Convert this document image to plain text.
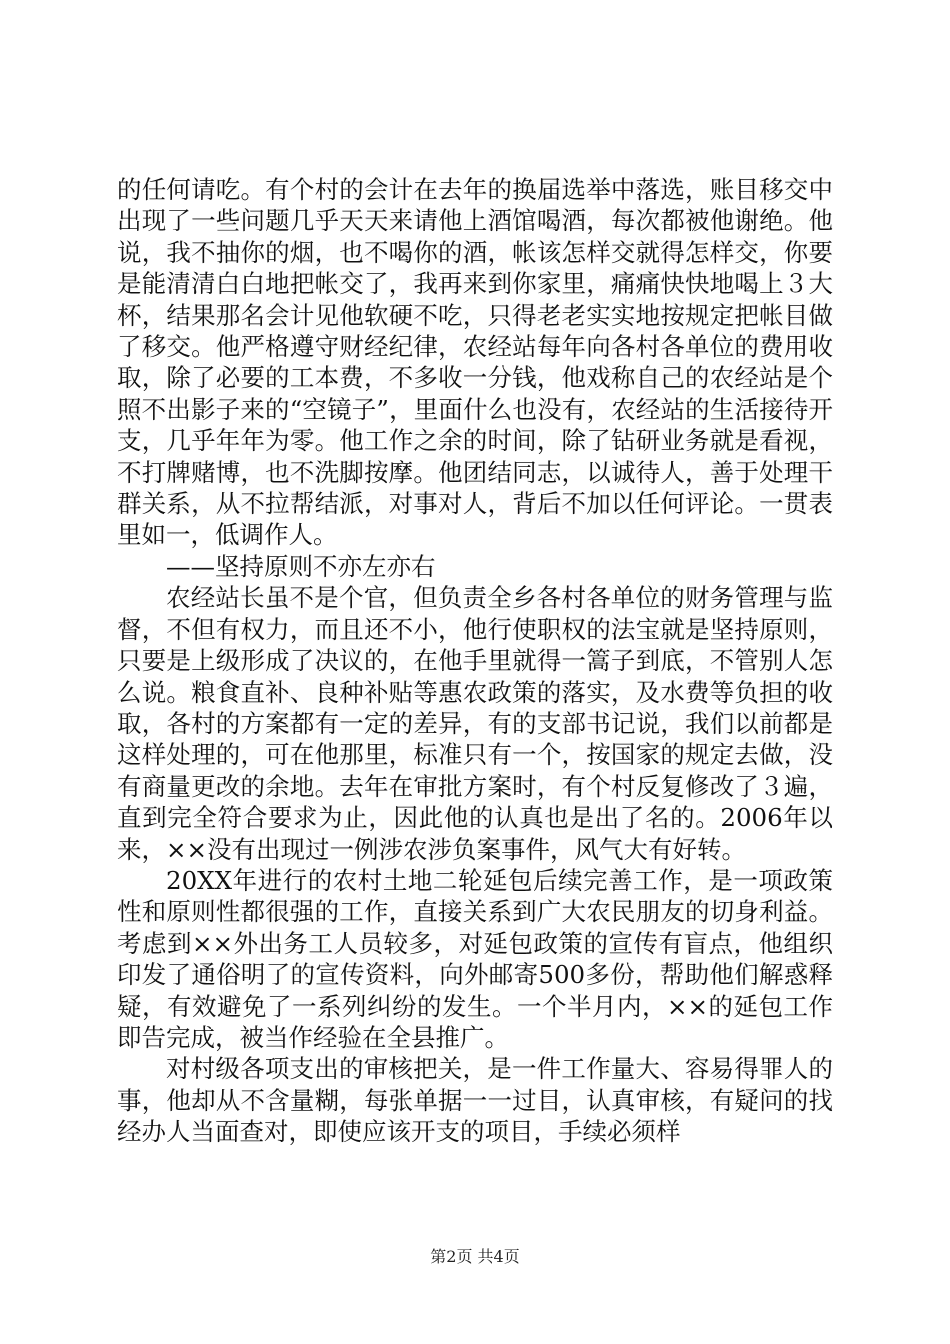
的任何请吃。有个村的会计在去年的换届选举中落选，账目移交中出现了一些问题几乎天天来请他上酒馆喝酒，每次都被他谢绝。他说，我不抽你的烟，也不喝你的酒，帐该怎样交就得怎样交，你要是能清清白白地把帐交了，我再来到你家里，痛痛快快地喝上３大杯，结果那名会计见他软硬不吃，只得老老实实地按规定把帐目做了移交。他严格遵守财经纪律，农经站每年向各村各单位的费用收取，除了必要的工本费，不多收一分钱，他戏称自己的农经站是个照不出影子来的“空镜子”，里面什么也没有，农经站的生活接待开支，几乎年年为零。他工作之余的时间，除了钻研业务就是看视，不打牌赌博，也不洗脚按摩。他团结同志，以诚待人，善于处理干群关系，从不拉帮结派，对事对人，背后不加以任何评论。一贯表里如一，低调作人。

——坚持原则不亦左亦右

农经站长虽不是个官，但负责全乡各村各单位的财务管理与监督，不但有权力，而且还不小，他行使职权的法宝就是坚持原则，只要是上级形成了决议的，在他手里就得一篙子到底，不管别人怎么说。粮食直补、良种补贴等惠农政策的落实，及水费等负担的收取，各村的方案都有一定的差异，有的支部书记说，我们以前都是这样处理的，可在他那里，标准只有一个，按国家的规定去做，没有商量更改的余地。去年在审批方案时，有个村反复修改了３遍，直到完全符合要求为止，因此他的认真也是出了名的。2006年以来，××没有出现过一例涉农涉负案事件，风气大有好转。

20XX年进行的农村土地二轮延包后续完善工作，是一项政策性和原则性都很强的工作，直接关系到广大农民朋友的切身利益。考虑到××外出务工人员较多，对延包政策的宣传有盲点，他组织印发了通俗明了的宣传资料，向外邮寄500多份，帮助他们解惑释疑，有效避免了一系列纠纷的发生。一个半月内，××的延包工作即告完成，被当作经验在全县推广。

对村级各项支出的审核把关，是一件工作量大、容易得罪人的事，他却从不含量糊，每张单据一一过目，认真审核，有疑问的找经办人当面查对，即使应该开支的项目，手续必须样

第2页 共4页
